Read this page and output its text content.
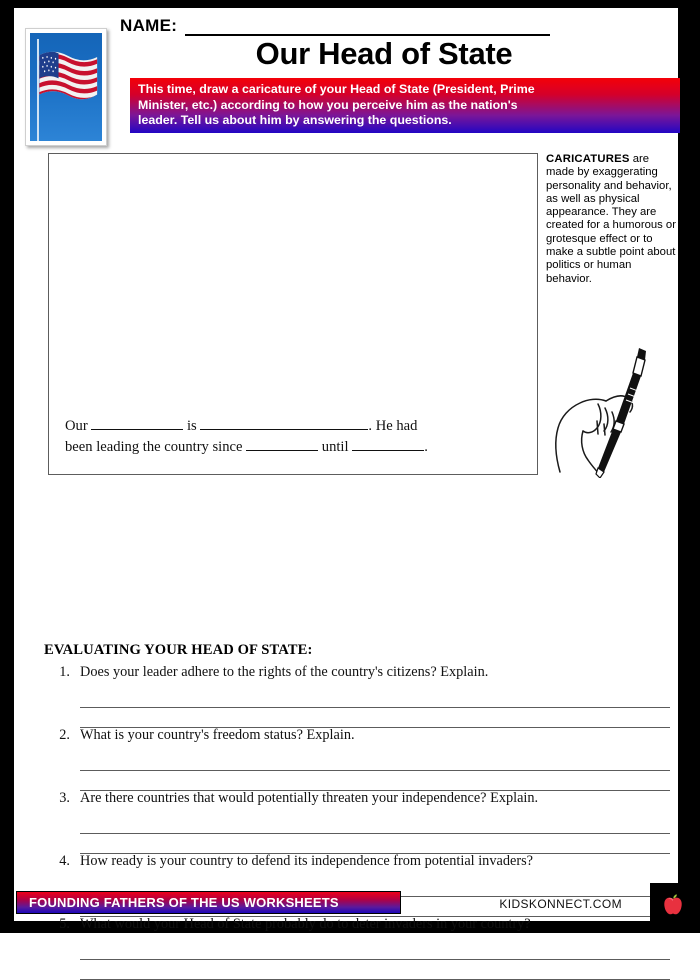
NAME:
Our Head of State
This time, draw a caricature of your Head of State (President, Prime
Minister, etc.) according to how you perceive him as the nation's
leader. Tell us about him by answering the questions.
Our	is	. He had
been leading the country since	until	.
CARICATURES are made by exaggerating personality and behavior, as well as physical appearance. They are created for a humorous or grotesque effect or to make a subtle point about politics or human behavior.
EVALUATING YOUR HEAD OF STATE:
1. Does your leader adhere to the rights of the country's citizens? Explain.
2. What is your country's freedom status? Explain.
3. Are there countries that would potentially threaten your independence? Explain.
4. How ready is your country to defend its independence from potential invaders?
5. What would your Head of State probably do to deter invaders in your country?
FOUNDING FATHERS OF THE US WORKSHEETS	KIDSKONNECT.COM
